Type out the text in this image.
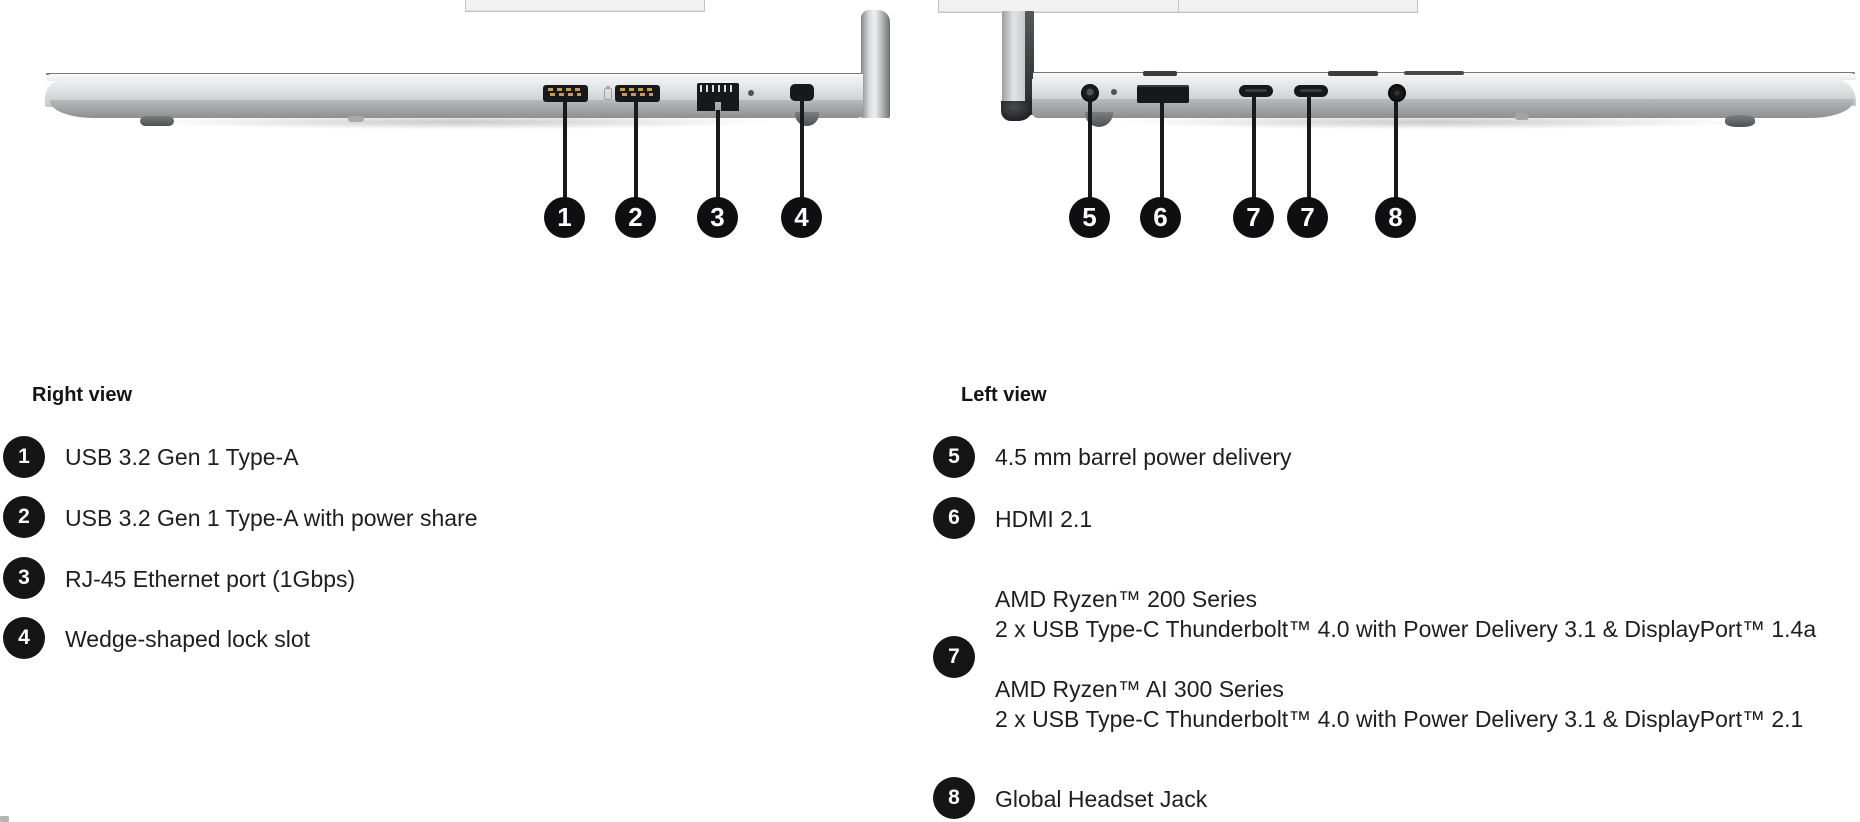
1 2	3	4	5 6	7 7	8
Right view
1 USB 3.2 Gen 1 Type-A
2 USB 3.2 Gen 1 Type-A with power share
3 RJ-45 Ethernet port (1Gbps)
4 Wedge-shaped lock slot
Left view
5 4.5 mm barrel power delivery
6 HDMI 2.1
7
AMD Ryzen™ 200 Series
2 x USB Type-C Thunderbolt™ 4.0 with Power Delivery 3.1 & DisplayPort™ 1.4a
AMD Ryzen™ AI 300 Series
2 x USB Type-C Thunderbolt™ 4.0 with Power Delivery 3.1 & DisplayPort™ 2.1
8 Global Headset Jack
